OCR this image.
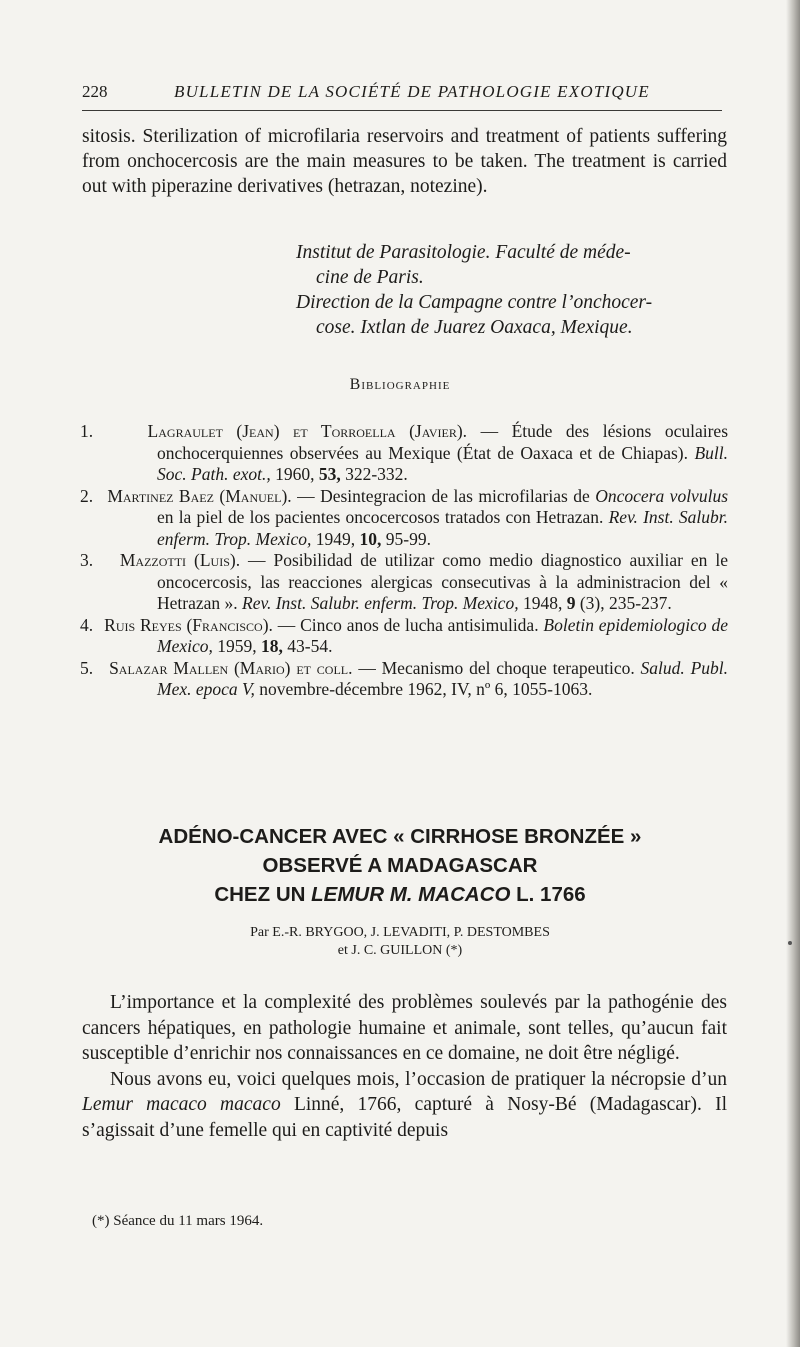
228	BULLETIN DE LA SOCIÉTÉ DE PATHOLOGIE EXOTIQUE

sitosis. Sterilization of microfilaria reservoirs and treatment of patients suffering from onchocercosis are the main measures to be taken. The treatment is carried out with piperazine derivatives (hetrazan, notezine).

Institut de Parasitologie. Faculté de méde-
cine de Paris.
Direction de la Campagne contre l’onchocer-
cose. Ixtlan de Juarez Oaxaca, Mexique.
Bibliographie
1.	Lagraulet (Jean) et Torroella (Javier). — Étude des lésions oculaires onchocerquiennes observées au Mexique (État de Oaxaca et de Chiapas). Bull. Soc. Path. exot., 1960, 53, 322-332.
2. Martinez Baez (Manuel). — Desintegracion de las microfilarias de Oncocera volvulus en la piel de los pacientes oncocercosos tratados con Hetrazan. Rev. Inst. Salubr. enferm. Trop. Mexico, 1949, 10, 95-99.
3. Mazzotti (Luis). — Posibilidad de utilizar como medio diagnostico auxiliar en le oncocercosis, las reacciones alergicas consecutivas à la administracion del « Hetrazan ». Rev. Inst. Salubr. enferm. Trop. Mexico, 1948, 9 (3), 235-237.
4. Ruis Reyes (Francisco). — Cinco anos de lucha antisimulida. Boletin epidemiologico de Mexico, 1959, 18, 43-54.
5. Salazar Mallen (Mario) et coll. — Mecanismo del choque terapeutico. Salud. Publ. Mex. epoca V, novembre-décembre 1962, IV, nº 6, 1055-1063.
ADÉNO-CANCER AVEC « CIRRHOSE BRONZÉE »
OBSERVÉ A MADAGASCAR
CHEZ UN LEMUR M. MACACO L. 1766
Par E.-R. BRYGOO, J. LEVADITI, P. DESTOMBES
et J. C. GUILLON (*)

L’importance et la complexité des problèmes soulevés par la pathogénie des cancers hépatiques, en pathologie humaine et animale, sont telles, qu’aucun fait susceptible d’enrichir nos connaissances en ce domaine, ne doit être négligé.

Nous avons eu, voici quelques mois, l’occasion de pratiquer la nécropsie d’un Lemur macaco macaco Linné, 1766, capturé à Nosy-Bé (Madagascar). Il s’agissait d’une femelle qui en captivité depuis

(*) Séance du 11 mars 1964.
